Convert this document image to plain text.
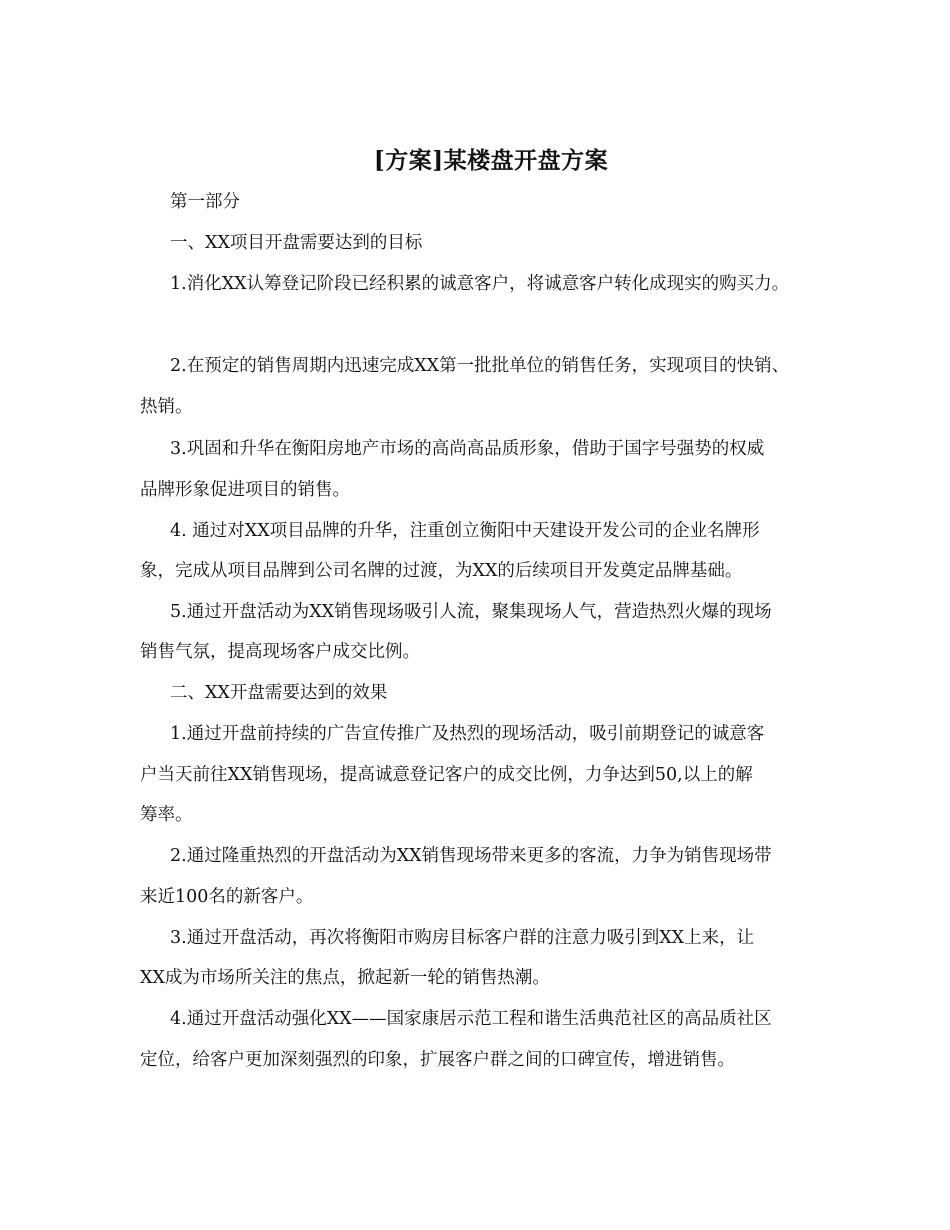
[方案]某楼盘开盘方案

第一部分

一、XX项目开盘需要达到的目标

1.消化XX认筹登记阶段已经积累的诚意客户，将诚意客户转化成现实的购买力。

2.在预定的销售周期内迅速完成XX第一批批单位的销售任务，实现项目的快销、

热销。

3.巩固和升华在衡阳房地产市场的高尚高品质形象，借助于国字号强势的权威

品牌形象促进项目的销售。

4. 通过对XX项目品牌的升华，注重创立衡阳中天建设开发公司的企业名牌形

象，完成从项目品牌到公司名牌的过渡，为XX的后续项目开发奠定品牌基础。

5.通过开盘活动为XX销售现场吸引人流，聚集现场人气，营造热烈火爆的现场

销售气氛，提高现场客户成交比例。

二、XX开盘需要达到的效果

1.通过开盘前持续的广告宣传推广及热烈的现场活动，吸引前期登记的诚意客

户当天前往XX销售现场，提高诚意登记客户的成交比例，力争达到50,以上的解

筹率。

2.通过隆重热烈的开盘活动为XX销售现场带来更多的客流，力争为销售现场带

来近100名的新客户。

3.通过开盘活动，再次将衡阳市购房目标客户群的注意力吸引到XX上来，让

XX成为市场所关注的焦点，掀起新一轮的销售热潮。

4.通过开盘活动强化XX——国家康居示范工程和谐生活典范社区的高品质社区

定位，给客户更加深刻强烈的印象，扩展客户群之间的口碑宣传，增进销售。
